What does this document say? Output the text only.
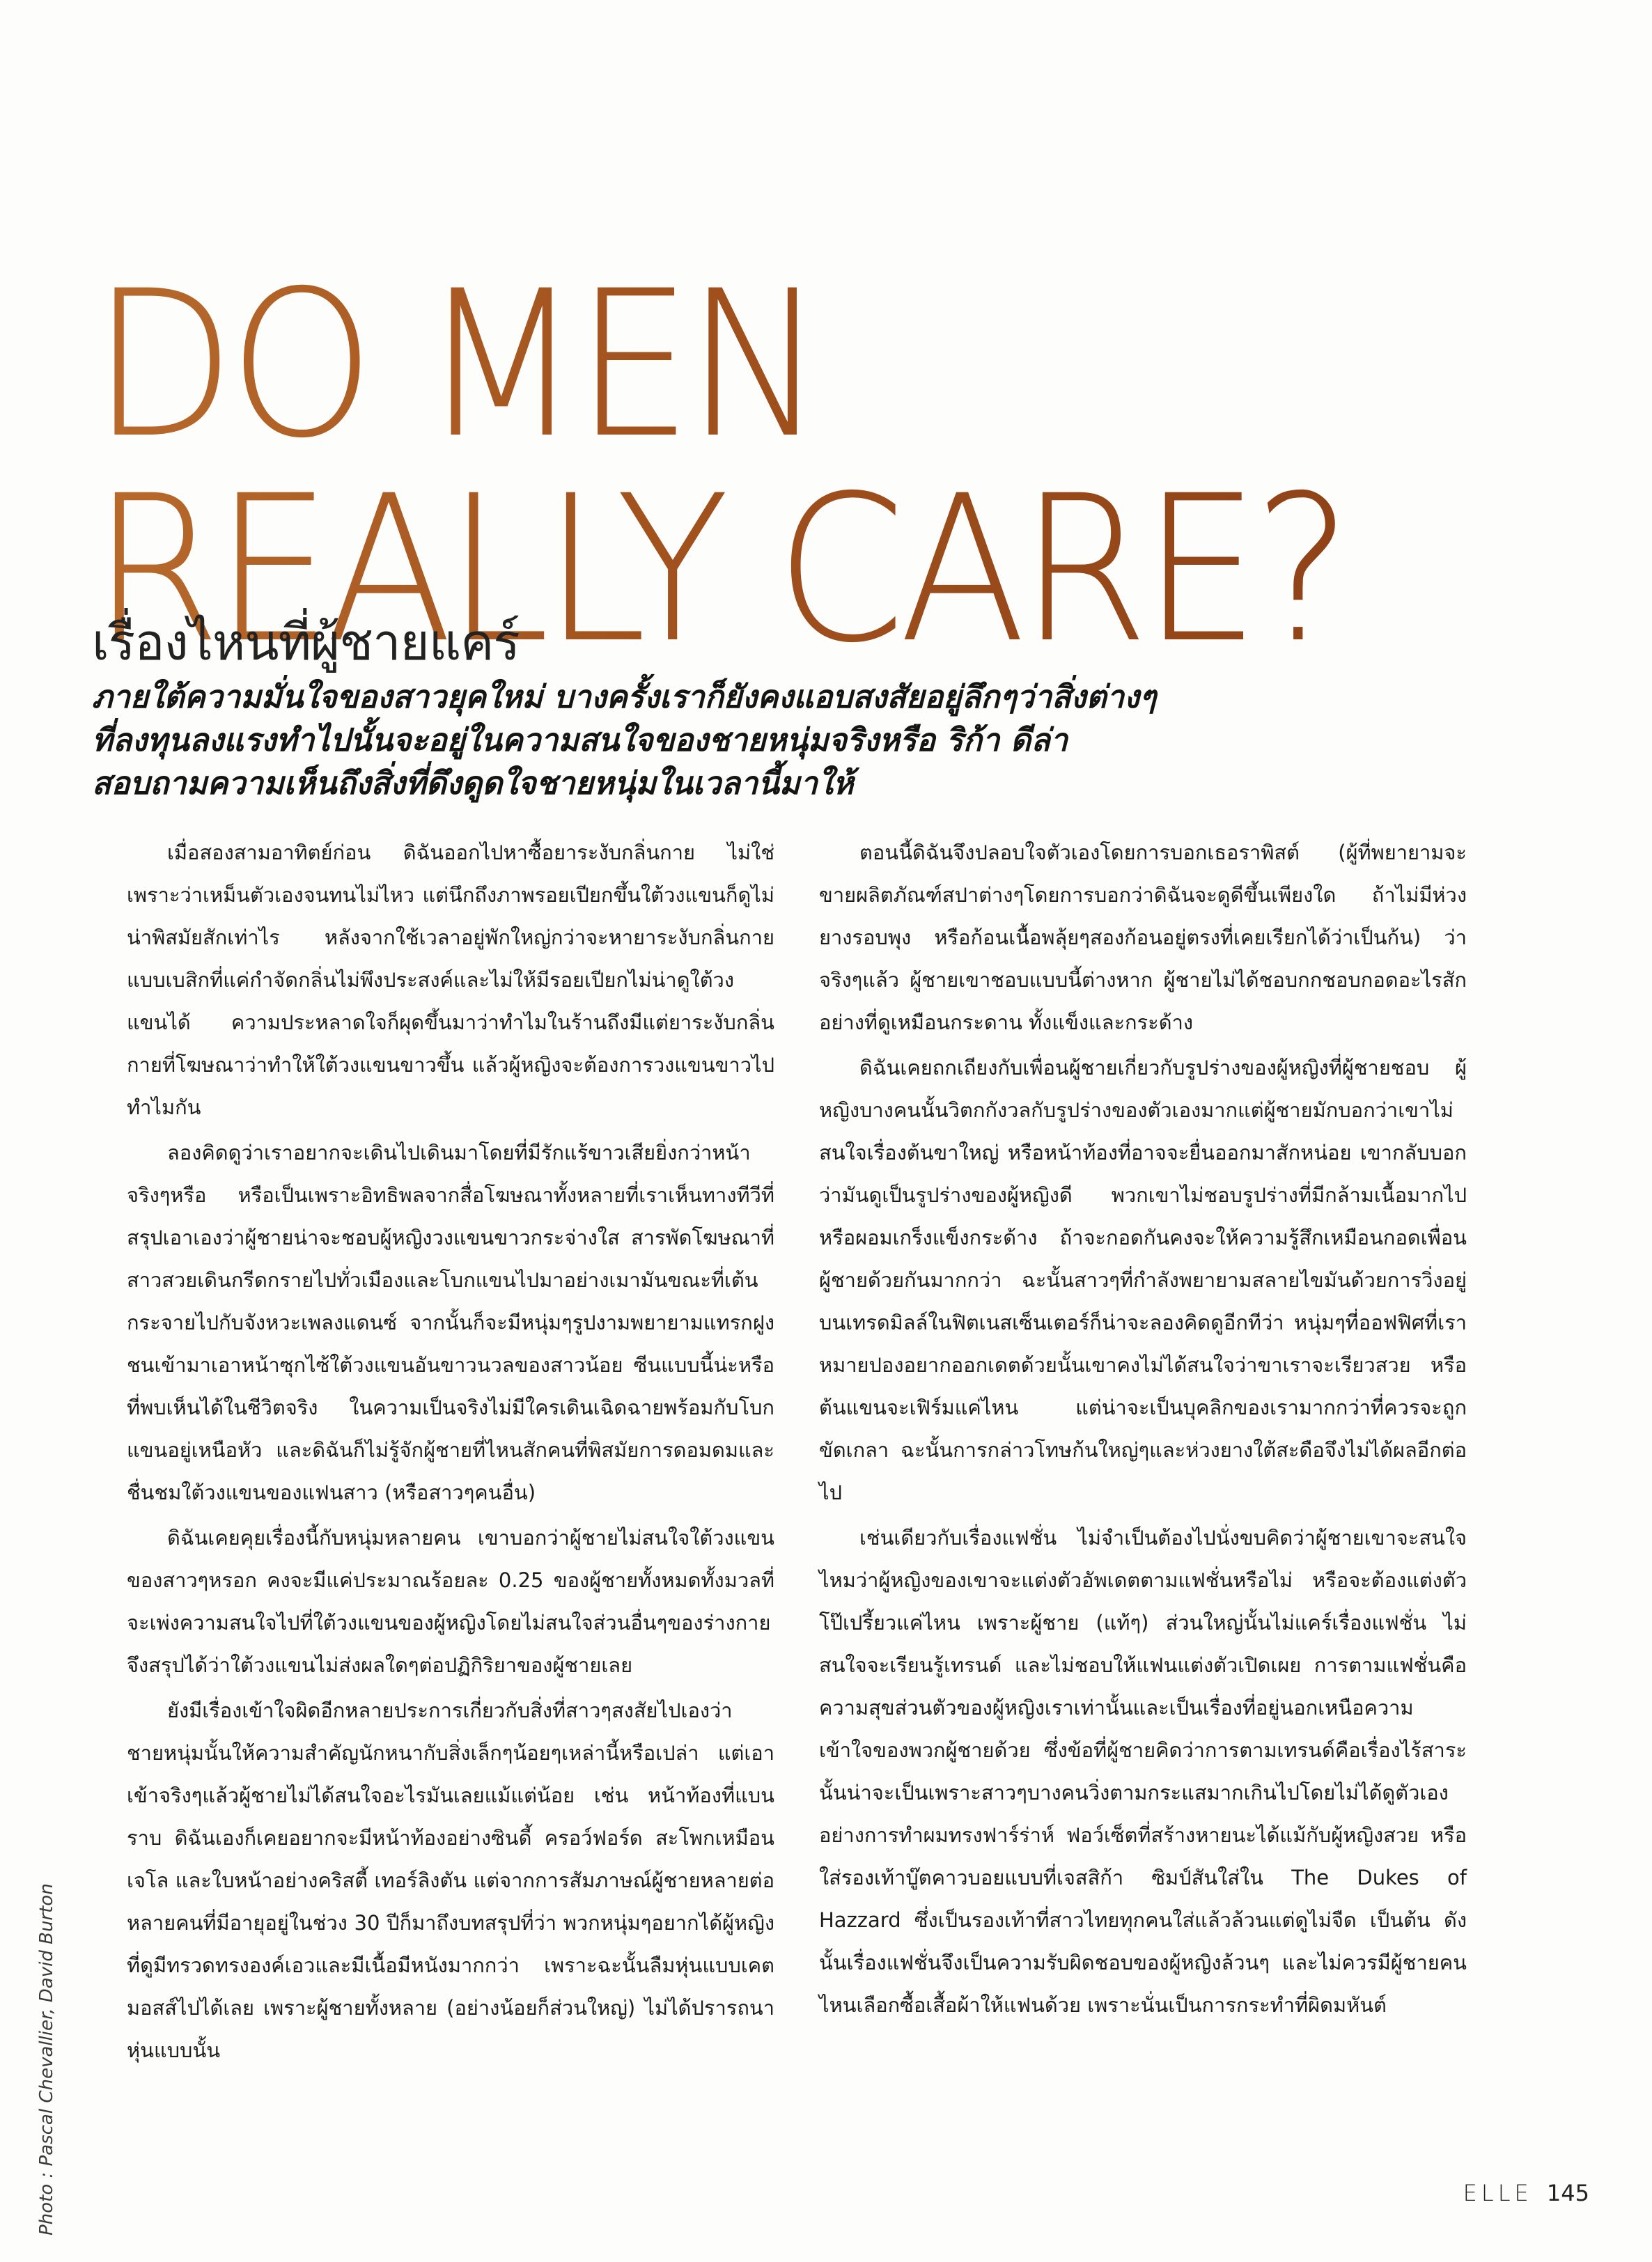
DO MEN
REALLY CARE?
เรื่องไหนที่ผู้ชายแคร์

ภายใต้ความมั่นใจของสาวยุคใหม่ บางครั้งเราก็ยังคงแอบสงสัยอยู่ลึกๆว่าสิ่งต่างๆ

ที่ลงทุนลงแรงทำไปนั้นจะอยู่ในความสนใจของชายหนุ่มจริงหรือ ริก้า ดีล่า

สอบถามความเห็นถึงสิ่งที่ดึงดูดใจชายหนุ่มในเวลานี้มาให้

เมื่อสองสามอาทิตย์ก่อน ดิฉันออกไปหาซื้อยาระงับกลิ่นกาย ไม่ใช่เพราะว่าเหม็นตัวเองจนทนไม่ไหว แต่นึกถึงภาพรอยเปียกขึ้นใต้วงแขนก็ดูไม่น่าพิสมัยสักเท่าไร หลังจากใช้เวลาอยู่พักใหญ่กว่าจะหายาระงับกลิ่นกายแบบเบสิกที่แค่กำจัดกลิ่นไม่พึงประสงค์และไม่ให้มีรอยเปียกไม่น่าดูใต้วงแขนได้ ความประหลาดใจก็ผุดขึ้นมาว่าทำไมในร้านถึงมีแต่ยาระงับกลิ่นกายที่โฆษณาว่าทำให้ใต้วงแขนขาวขึ้น แล้วผู้หญิงจะต้องการวงแขนขาวไปทำไมกัน

ลองคิดดูว่าเราอยากจะเดินไปเดินมาโดยที่มีรักแร้ขาวเสียยิ่งกว่าหน้าจริงๆหรือ หรือเป็นเพราะอิทธิพลจากสื่อโฆษณาทั้งหลายที่เราเห็นทางทีวีที่สรุปเอาเองว่าผู้ชายน่าจะชอบผู้หญิงวงแขนขาวกระจ่างใส สารพัดโฆษณาที่สาวสวยเดินกรีดกรายไปทั่วเมืองและโบกแขนไปมาอย่างเมามันขณะที่เต้นกระจายไปกับจังหวะเพลงแดนซ์ จากนั้นก็จะมีหนุ่มๆรูปงามพยายามแทรกฝูงชนเข้ามาเอาหน้าซุกไซ้ใต้วงแขนอันขาวนวลของสาวน้อย ซีนแบบนี้น่ะหรือที่พบเห็นได้ในชีวิตจริง ในความเป็นจริงไม่มีใครเดินเฉิดฉายพร้อมกับโบกแขนอยู่เหนือหัว และดิฉันก็ไม่รู้จักผู้ชายที่ไหนสักคนที่พิสมัยการดอมดมและชื่นชมใต้วงแขนของแฟนสาว (หรือสาวๆคนอื่น)

ดิฉันเคยคุยเรื่องนี้กับหนุ่มหลายคน เขาบอกว่าผู้ชายไม่สนใจใต้วงแขนของสาวๆหรอก คงจะมีแค่ประมาณร้อยละ 0.25 ของผู้ชายทั้งหมดทั้งมวลที่จะเพ่งความสนใจไปที่ใต้วงแขนของผู้หญิงโดยไม่สนใจส่วนอื่นๆของร่างกาย จึงสรุปได้ว่าใต้วงแขนไม่ส่งผลใดๆต่อปฏิกิริยาของผู้ชายเลย

ยังมีเรื่องเข้าใจผิดอีกหลายประการเกี่ยวกับสิ่งที่สาวๆสงสัยไปเองว่า ชายหนุ่มนั้นให้ความสำคัญนักหนากับสิ่งเล็กๆน้อยๆเหล่านี้หรือเปล่า แต่เอาเข้าจริงๆแล้วผู้ชายไม่ได้สนใจอะไรมันเลยแม้แต่น้อย เช่น หน้าท้องที่แบนราบ ดิฉันเองก็เคยอยากจะมีหน้าท้องอย่างซินดี้ ครอว์ฟอร์ด สะโพกเหมือนเจโล และใบหน้าอย่างคริสตี้ เทอร์ลิงตัน แต่จากการสัมภาษณ์ผู้ชายหลายต่อหลายคนที่มีอายุอยู่ในช่วง 30 ปีก็มาถึงบทสรุปที่ว่า พวกหนุ่มๆอยากได้ผู้หญิงที่ดูมีทรวดทรงองค์เอวและมีเนื้อมีหนังมากกว่า เพราะฉะนั้นลืมหุ่นแบบเคต มอสส์ไปได้เลย เพราะผู้ชายทั้งหลาย (อย่างน้อยก็ส่วนใหญ่) ไม่ได้ปรารถนาหุ่นแบบนั้น

ตอนนี้ดิฉันจึงปลอบใจตัวเองโดยการบอกเธอราพิสต์ (ผู้ที่พยายามจะขายผลิตภัณฑ์สปาต่างๆโดยการบอกว่าดิฉันจะดูดีขึ้นเพียงใด ถ้าไม่มีห่วงยางรอบพุง หรือก้อนเนื้อพลุ้ยๆสองก้อนอยู่ตรงที่เคยเรียกได้ว่าเป็นก้น) ว่าจริงๆแล้ว ผู้ชายเขาชอบแบบนี้ต่างหาก ผู้ชายไม่ได้ชอบกกชอบกอดอะไรสักอย่างที่ดูเหมือนกระดาน ทั้งแข็งและกระด้าง

ดิฉันเคยถกเถียงกับเพื่อนผู้ชายเกี่ยวกับรูปร่างของผู้หญิงที่ผู้ชายชอบ ผู้หญิงบางคนนั้นวิตกกังวลกับรูปร่างของตัวเองมากแต่ผู้ชายมักบอกว่าเขาไม่สนใจเรื่องต้นขาใหญ่ หรือหน้าท้องที่อาจจะยื่นออกมาสักหน่อย เขากลับบอกว่ามันดูเป็นรูปร่างของผู้หญิงดี พวกเขาไม่ชอบรูปร่างที่มีกล้ามเนื้อมากไป หรือผอมเกร็งแข็งกระด้าง ถ้าจะกอดกันคงจะให้ความรู้สึกเหมือนกอดเพื่อนผู้ชายด้วยกันมากกว่า ฉะนั้นสาวๆที่กำลังพยายามสลายไขมันด้วยการวิ่งอยู่บนเทรดมิลล์ในฟิตเนสเซ็นเตอร์ก็น่าจะลองคิดดูอีกทีว่า หนุ่มๆที่ออฟฟิศที่เราหมายปองอยากออกเดตด้วยนั้นเขาคงไม่ได้สนใจว่าขาเราจะเรียวสวย หรือต้นแขนจะเฟิร์มแค่ไหน แต่น่าจะเป็นบุคลิกของเรามากกว่าที่ควรจะถูกขัดเกลา ฉะนั้นการกล่าวโทษก้นใหญ่ๆและห่วงยางใต้สะดือจึงไม่ได้ผลอีกต่อไป

เช่นเดียวกับเรื่องแฟชั่น ไม่จำเป็นต้องไปนั่งขบคิดว่าผู้ชายเขาจะสนใจไหมว่าผู้หญิงของเขาจะแต่งตัวอัพเดตตามแฟชั่นหรือไม่ หรือจะต้องแต่งตัวโป๊เปรี้ยวแค่ไหน เพราะผู้ชาย (แท้ๆ) ส่วนใหญ่นั้นไม่แคร์เรื่องแฟชั่น ไม่สนใจจะเรียนรู้เทรนด์ และไม่ชอบให้แฟนแต่งตัวเปิดเผย การตามแฟชั่นคือความสุขส่วนตัวของผู้หญิงเราเท่านั้นและเป็นเรื่องที่อยู่นอกเหนือความเข้าใจของพวกผู้ชายด้วย ซึ่งข้อที่ผู้ชายคิดว่าการตามเทรนด์คือเรื่องไร้สาระนั้นน่าจะเป็นเพราะสาวๆบางคนวิ่งตามกระแสมากเกินไปโดยไม่ได้ดูตัวเอง อย่างการทำผมทรงฟาร์ร่าห์ ฟอว์เซ็ตที่สร้างหายนะได้แม้กับผู้หญิงสวย หรือใส่รองเท้าบู๊ตคาวบอยแบบที่เจสสิก้า ซิมป์สันใส่ใน The Dukes of Hazzard ซึ่งเป็นรองเท้าที่สาวไทยทุกคนใส่แล้วล้วนแต่ดูไม่จืด เป็นต้น ดังนั้นเรื่องแฟชั่นจึงเป็นความรับผิดชอบของผู้หญิงล้วนๆ และไม่ควรมีผู้ชายคนไหนเลือกซื้อเสื้อผ้าให้แฟนด้วย เพราะนั่นเป็นการกระทำที่ผิดมหันต์

Photo : Pascal Chevallier, David Burton	ELLE 145
